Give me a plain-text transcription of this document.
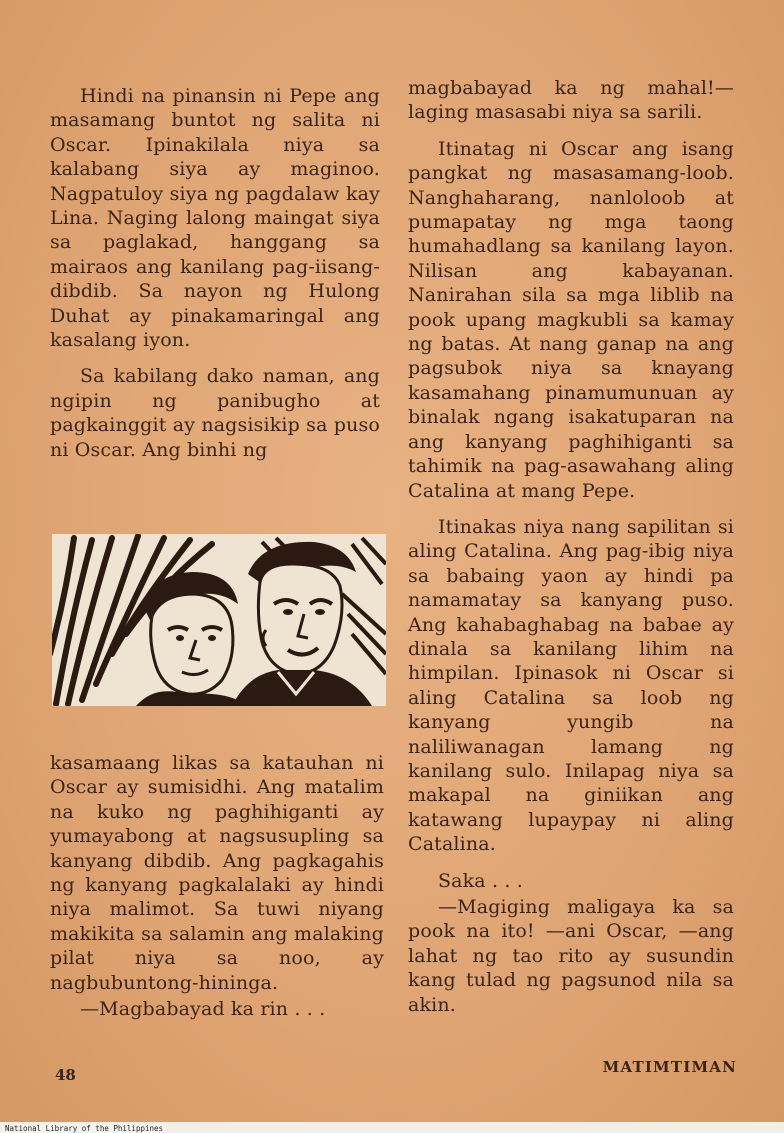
Hindi na pinansin ni Pepe ang masamang buntot ng salita ni Oscar. Ipinakilala niya sa kalabang siya ay maginoo. Nagpatuloy siya ng pagdalaw kay Lina. Naging lalong maingat siya sa paglakad, hanggang sa mairaos ang kanilang pag-iisang-dibdib. Sa nayon ng Hulong Duhat ay pinakamaringal ang kasalang iyon.

Sa kabilang dako naman, ang ngipin ng panibugho at pagkainggit ay nagsisikip sa puso ni Oscar. Ang binhi ng

kasamaang likas sa katauhan ni Oscar ay sumisidhi. Ang matalim na kuko ng paghihiganti ay yumayabong at nagsusupling sa kanyang dibdib. Ang pagkagahis ng kanyang pagkalalaki ay hindi niya malimot. Sa tuwi niyang makikita sa salamin ang malaking pilat niya sa noo, ay nagbubuntong-hininga.

—Magbabayad ka rin . . .

magbabayad ka ng mahal!— laging masasabi niya sa sarili.

Itinatag ni Oscar ang isang pangkat ng masasamang-loob. Nanghaharang, nanloloob at pumapatay ng mga taong humahadlang sa kanilang layon. Nilisan ang kabayanan. Nanirahan sila sa mga liblib na pook upang magkubli sa kamay ng batas. At nang ganap na ang pagsubok niya sa knayang kasamahang pinamumunuan ay binalak ngang isakatuparan na ang kanyang paghihiganti sa tahimik na pag-asawahang aling Catalina at mang Pepe.

Itinakas niya nang sapilitan si aling Catalina. Ang pag-ibig niya sa babaing yaon ay hindi pa namamatay sa kanyang puso. Ang kahabaghabag na babae ay dinala sa kanilang lihim na himpilan. Ipinasok ni Oscar si aling Catalina sa loob ng kanyang yungib na naliliwanagan lamang ng kanilang sulo. Inilapag niya sa makapal na giniikan ang katawang lupaypay ni aling Catalina.

Saka . . .

—Magiging maligaya ka sa pook na ito! —ani Oscar, —ang lahat ng tao rito ay susundin kang tulad ng pagsunod nila sa akin.

48	MATIMTIMAN
National Library of the Philippines
